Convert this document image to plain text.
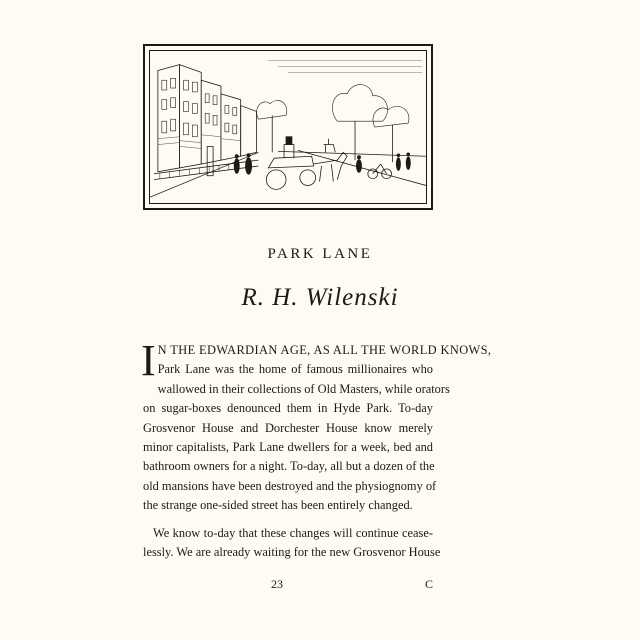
PARK LANE
R. H. Wilenski
I N THE EDWARDIAN AGE, AS ALL THE WORLD KNOWS,
Park Lane was the home of famous millionaires who
wallowed in their collections of Old Masters, while orators
on sugar-boxes denounced them in Hyde Park. To-day
Grosvenor House and Dorchester House know merely
minor capitalists, Park Lane dwellers for a week, bed and
bathroom owners for a night. To-day, all but a dozen of the
old mansions have been destroyed and the physiognomy of
the strange one-sided street has been entirely changed.
We know to-day that these changes will continue cease-
lessly. We are already waiting for the new Grosvenor House
23	C
